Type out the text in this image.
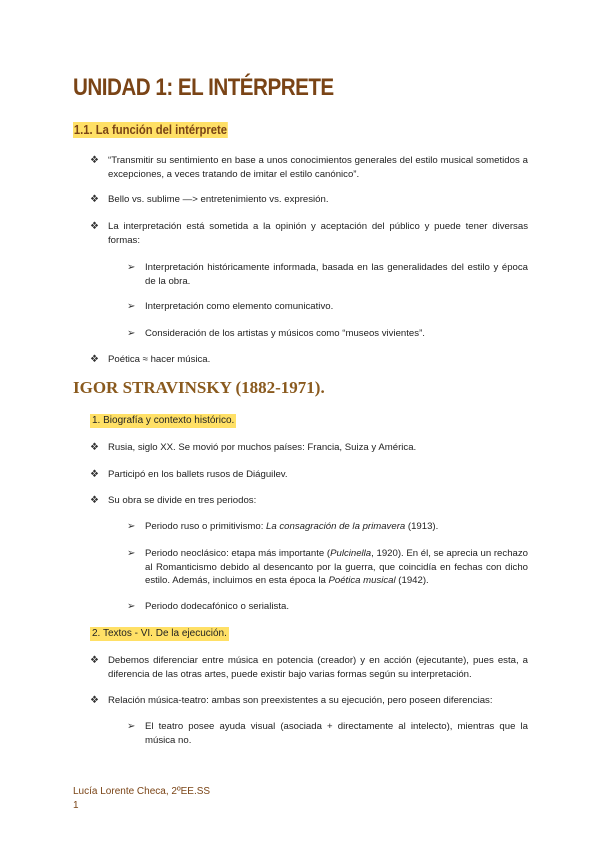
UNIDAD 1: EL INTÉRPRETE
1.1. La función del intérprete
❖ “Transmitir su sentimiento en base a unos conocimientos generales del estilo musical sometidos a excepciones, a veces tratando de imitar el estilo canónico”.
❖ Bello vs. sublime —> entretenimiento vs. expresión.
❖ La interpretación está sometida a la opinión y aceptación del público y puede tener diversas formas:
➢ Interpretación históricamente informada, basada en las generalidades del estilo y época de la obra.
➢ Interpretación como elemento comunicativo.
➢ Consideración de los artistas y músicos como “museos vivientes”.
❖ Poética ≈ hacer música.
IGOR STRAVINSKY (1882-1971).
1. Biografía y contexto histórico.
❖ Rusia, siglo XX. Se movió por muchos países: Francia, Suiza y América.
❖ Participó en los ballets rusos de Diáguilev.
❖ Su obra se divide en tres periodos:
➢ Periodo ruso o primitivismo: La consagración de la primavera (1913).
➢ Periodo neoclásico: etapa más importante (Pulcinella, 1920). En él, se aprecia un rechazo al Romanticismo debido al desencanto por la guerra, que coincidía en fechas con dicho estilo. Además, incluimos en esta época la Poética musical (1942).
➢ Periodo dodecafónico o serialista.
2. Textos - VI. De la ejecución.
❖ Debemos diferenciar entre música en potencia (creador) y en acción (ejecutante), pues esta, a diferencia de las otras artes, puede existir bajo varias formas según su interpretación.
❖ Relación música-teatro: ambas son preexistentes a su ejecución, pero poseen diferencias:
➢ El teatro posee ayuda visual (asociada + directamente al intelecto), mientras que la música no.
Lucía Lorente Checa, 2ºEE.SS
1
